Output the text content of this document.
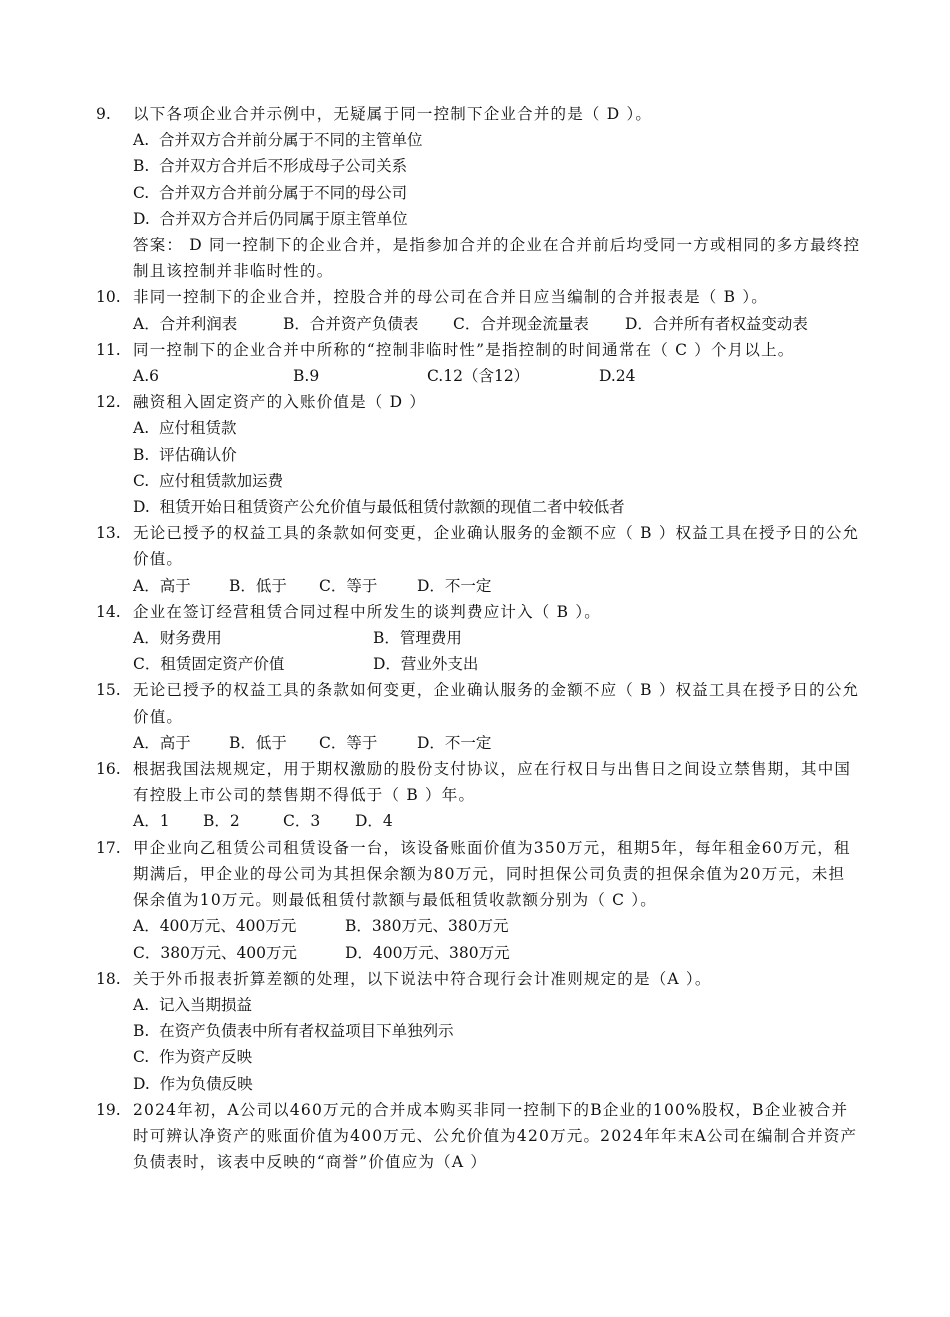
9.	以下各项企业合并示例中，无疑属于同一控制下企业合并的是（ D ）。
A.  合并双方合并前分属于不同的主管单位
B.  合并双方合并后不形成母子公司关系
C.  合并双方合并前分属于不同的母公司
D.  合并双方合并后仍同属于原主管单位
答案： D 同一控制下的企业合并，是指参加合并的企业在合并前后均受同一方或相同的多方最终控制且该控制并非临时性的。
10. 非同一控制下的企业合并，控股合并的母公司在合并日应当编制的合并报表是（ B ）。
A．合并利润表	B．合并资产负债表 C．合并现金流量表 D．合并所有者权益变动表
11. 同一控制下的企业合并中所称的“控制非临时性”是指控制的时间通常在（ C ）个月以上。
A.6	B.9	C.12（含12）	D.24
12. 融资租入固定资产的入账价值是（ D ）
A.  应付租赁款
B.  评估确认价
C.  应付租赁款加运费
D.  租赁开始日租赁资产公允价值与最低租赁付款额的现值二者中较低者
13. 无论已授予的权益工具的条款如何变更，企业确认服务的金额不应（ B ）权益工具在授予日的公允价值。
A．高于 B．低于 C．等于	D．不一定
14. 企业在签订经营租赁合同过程中所发生的谈判费应计入（ B ）。
A．财务费用	B．管理费用
C．租赁固定资产价值	D．营业外支出
15. 无论已授予的权益工具的条款如何变更，企业确认服务的金额不应（ B ）权益工具在授予日的公允价值。
A．高于 B．低于 C．等于	D．不一定
16. 根据我国法规规定，用于期权激励的股份支付协议，应在行权日与出售日之间设立禁售期，其中国有控股上市公司的禁售期不得低于（ B ）年。
A．1 B．2	C．3 D．4
17. 甲企业向乙租赁公司租赁设备一台，该设备账面价值为350万元，租期5年，每年租金60万元，租期满后，甲企业的母公司为其担保余额为80万元，同时担保公司负责的担保余值为20万元，未担保余值为10万元。则最低租赁付款额与最低租赁收款额分别为（ C ）。
A．400万元、400万元	B．380万元、380万元
C．380万元、400万元	D．400万元、380万元
18. 关于外币报表折算差额的处理，以下说法中符合现行会计准则规定的是（A ）。
A.  记入当期损益
B.  在资产负债表中所有者权益项目下单独列示
C.  作为资产反映
D.  作为负债反映
19. 2024年初，A公司以460万元的合并成本购买非同一控制下的B企业的100%股权，B企业被合并时可辨认净资产的账面价值为400万元、公允价值为420万元。2024年年末A公司在编制合并资产负债表时，该表中反映的“商誉”价值应为（A ）
